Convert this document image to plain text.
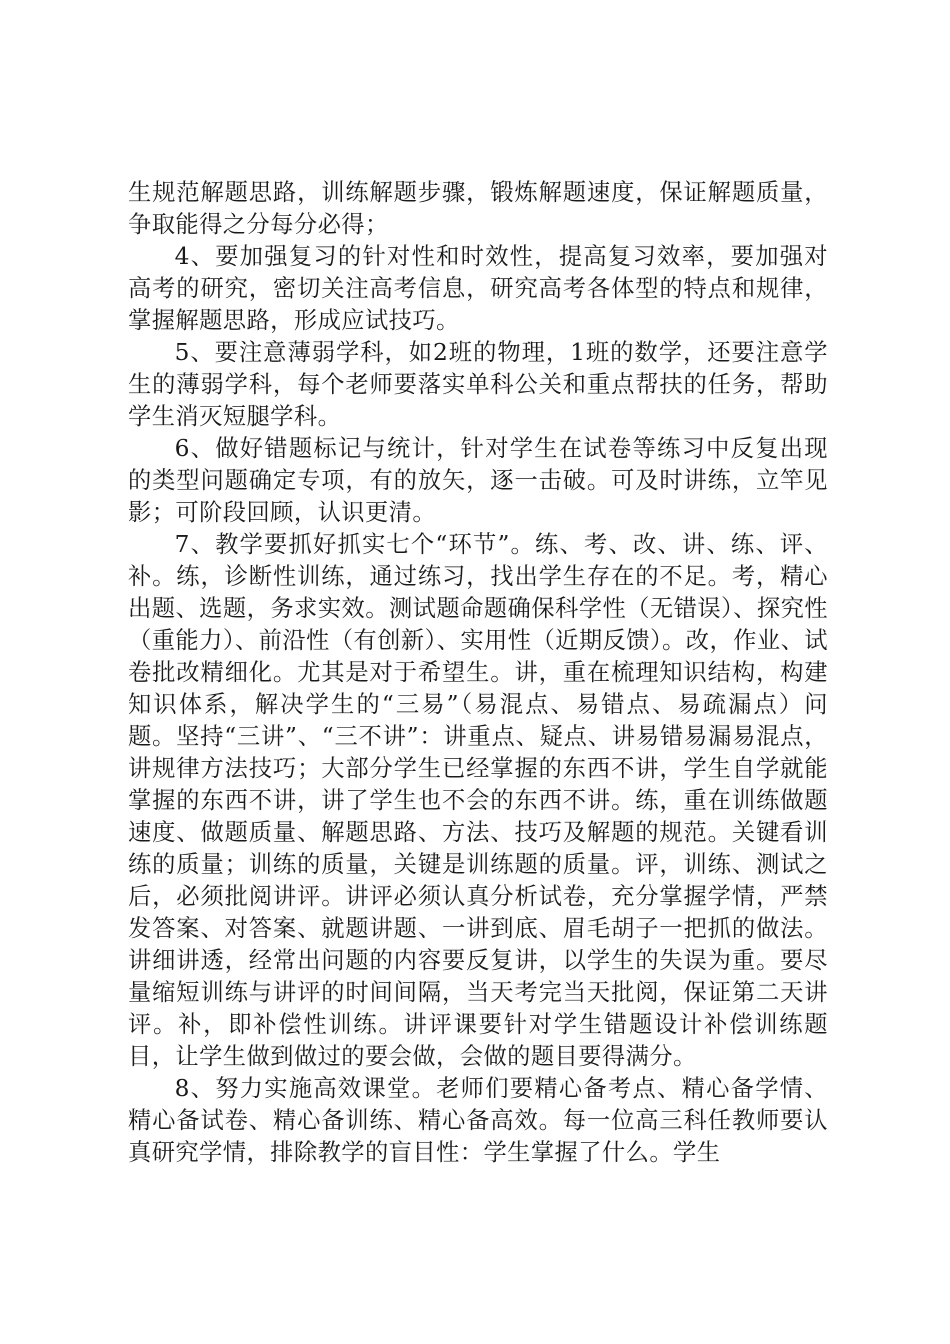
生规范解题思路，训练解题步骤，锻炼解题速度，保证解题质量，争取能得之分每分必得；

4、要加强复习的针对性和时效性，提高复习效率，要加强对高考的研究，密切关注高考信息，研究高考各体型的特点和规律，掌握解题思路，形成应试技巧。

5、要注意薄弱学科，如2班的物理，1班的数学，还要注意学生的薄弱学科，每个老师要落实单科公关和重点帮扶的任务，帮助学生消灭短腿学科。

6、做好错题标记与统计，针对学生在试卷等练习中反复出现的类型问题确定专项，有的放矢，逐一击破。可及时讲练，立竿见影；可阶段回顾，认识更清。

7、教学要抓好抓实七个“环节”。练、考、改、讲、练、评、补。练，诊断性训练，通过练习，找出学生存在的不足。考，精心出题、选题，务求实效。测试题命题确保科学性（无错误）、探究性（重能力）、前沿性（有创新）、实用性（近期反馈）。改，作业、试卷批改精细化。尤其是对于希望生。讲，重在梳理知识结构，构建知识体系，解决学生的“三易”（易混点、易错点、易疏漏点）问题。坚持“三讲”、“三不讲”：讲重点、疑点、讲易错易漏易混点，讲规律方法技巧；大部分学生已经掌握的东西不讲，学生自学就能掌握的东西不讲，讲了学生也不会的东西不讲。练，重在训练做题速度、做题质量、解题思路、方法、技巧及解题的规范。关键看训练的质量；训练的质量，关键是训练题的质量。评，训练、测试之后，必须批阅讲评。讲评必须认真分析试卷，充分掌握学情，严禁发答案、对答案、就题讲题、一讲到底、眉毛胡子一把抓的做法。讲细讲透，经常出问题的内容要反复讲，以学生的失误为重。要尽量缩短训练与讲评的时间间隔，当天考完当天批阅，保证第二天讲评。补，即补偿性训练。讲评课要针对学生错题设计补偿训练题目，让学生做到做过的要会做，会做的题目要得满分。

8、努力实施高效课堂。老师们要精心备考点、精心备学情、精心备试卷、精心备训练、精心备高效。每一位高三科任教师要认真研究学情，排除教学的盲目性：学生掌握了什么。学生
